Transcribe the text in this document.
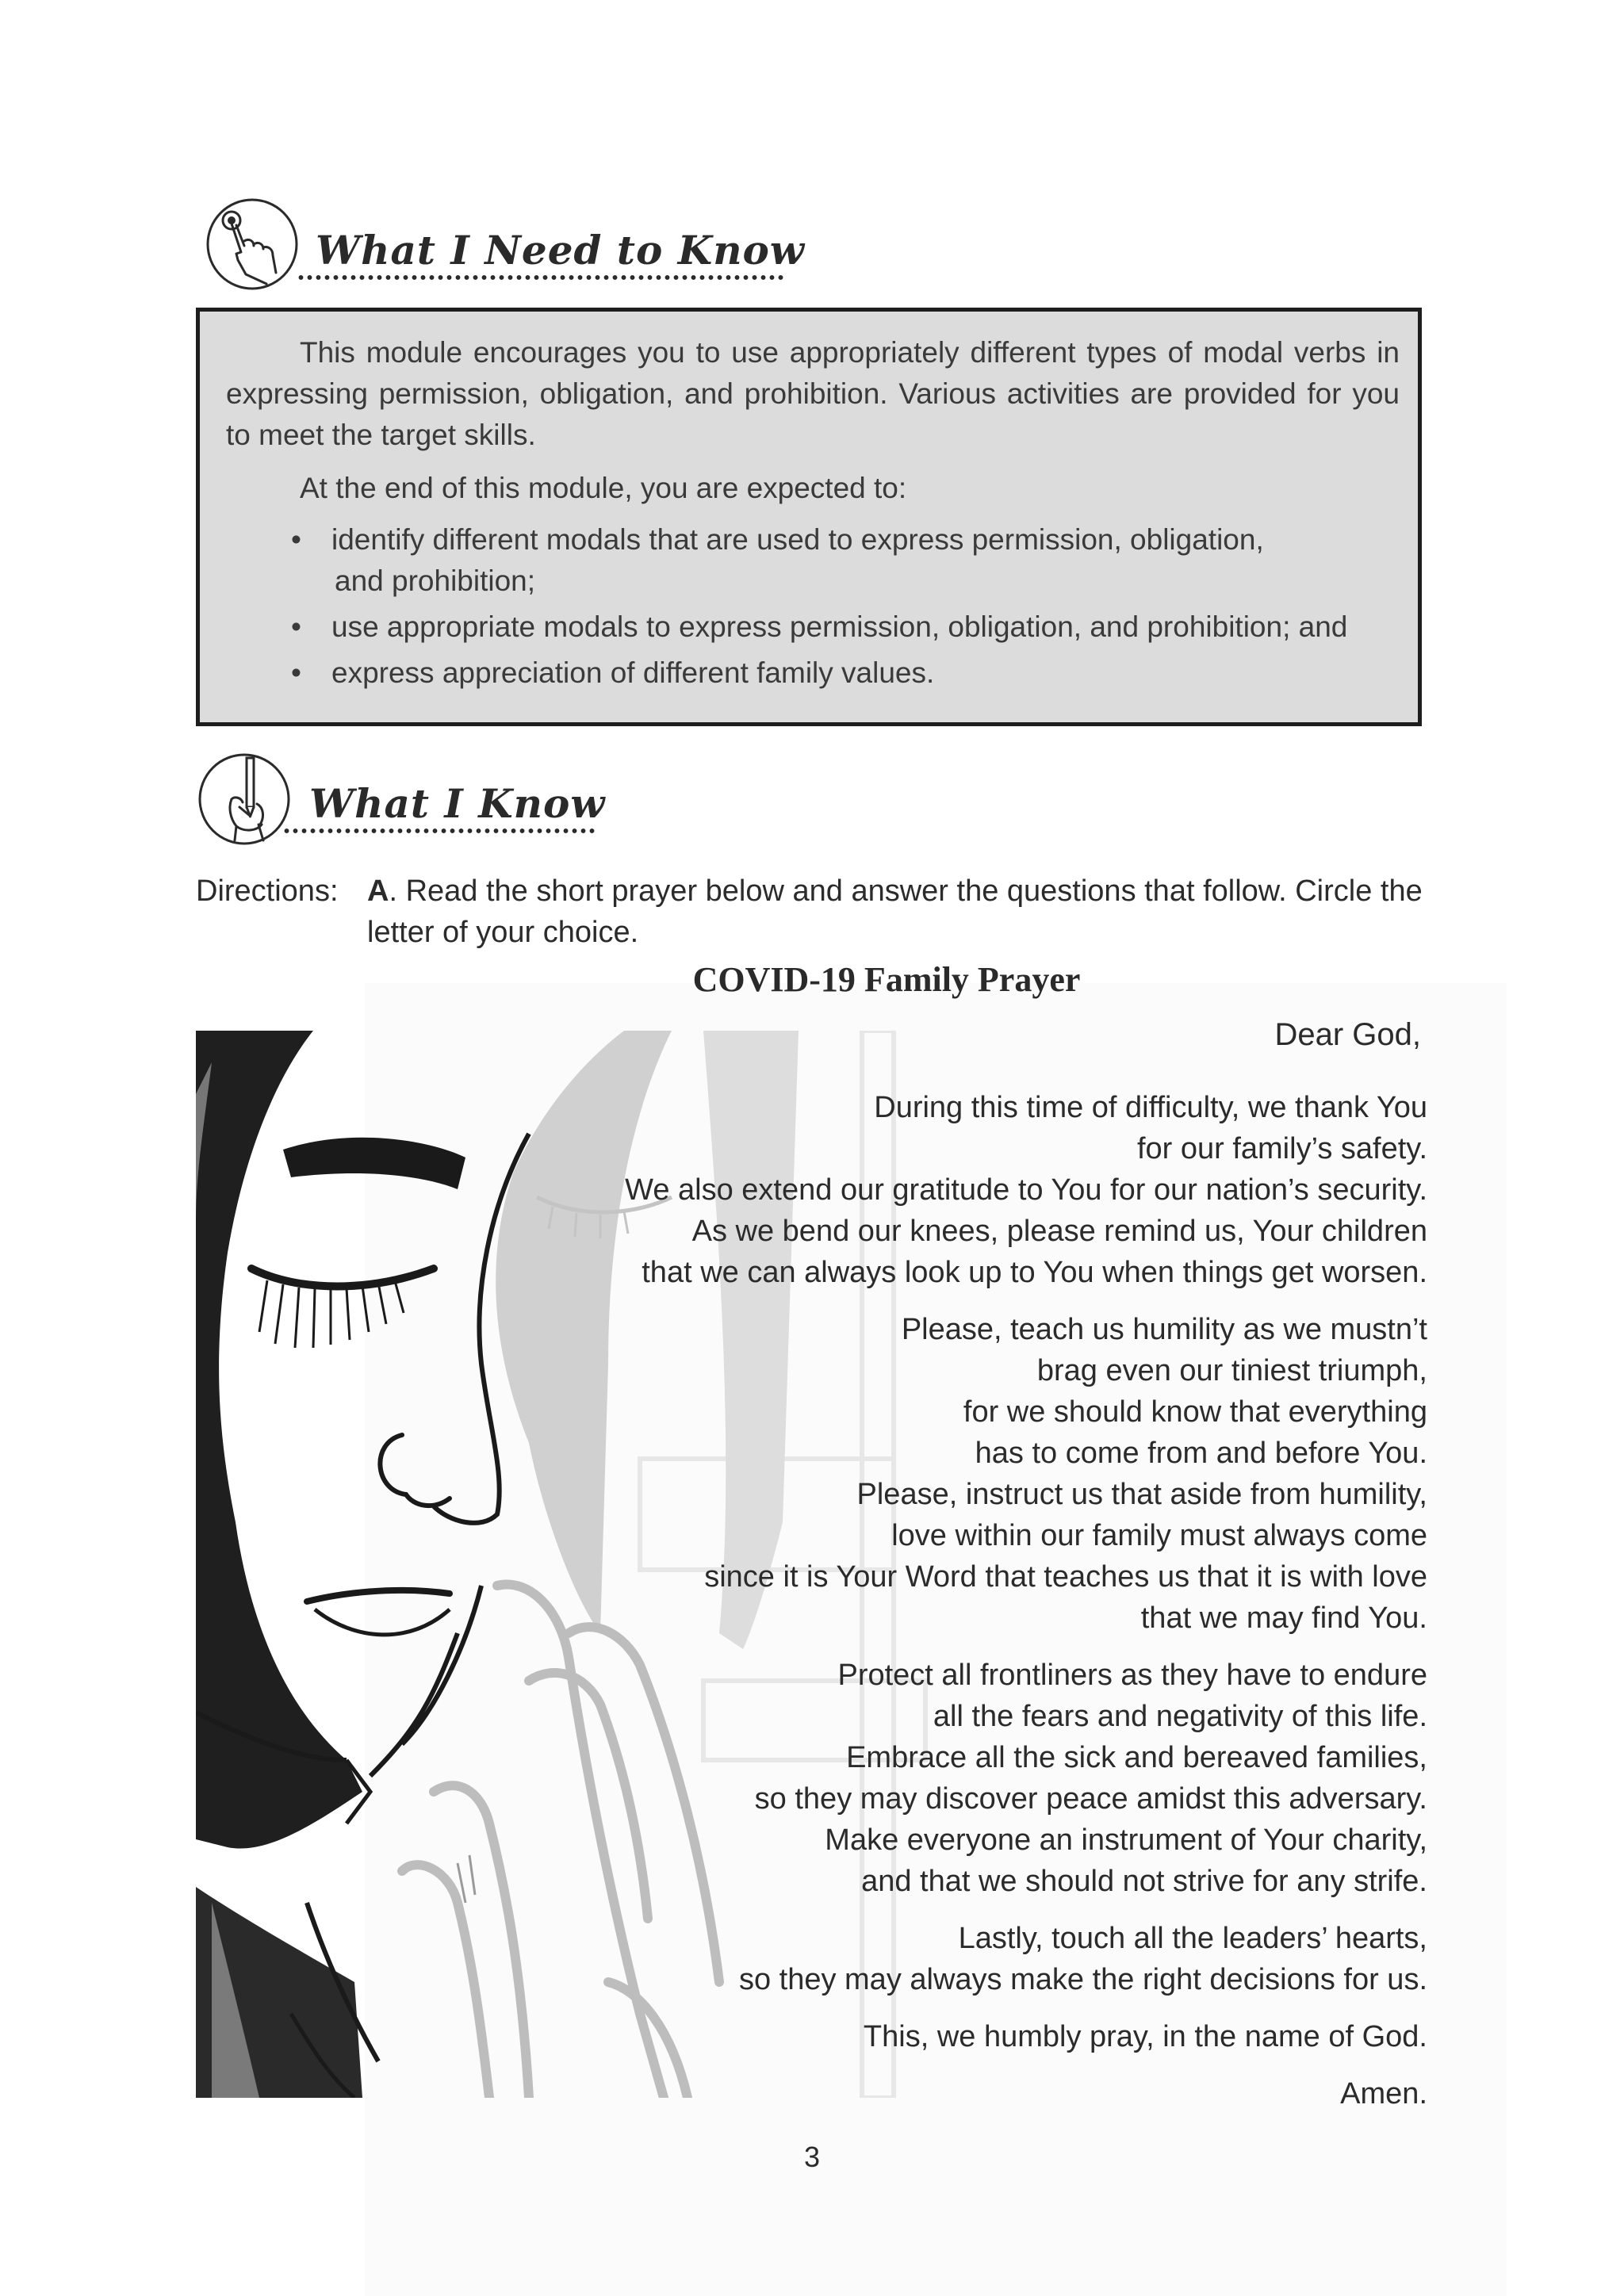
What I Need to Know

This module encourages you to use appropriately different types of modal verbs in expressing permission, obligation, and prohibition. Various activities are provided for you to meet the target skills.

At the end of this module, you are expected to:

• identify different modals that are used to express permission, obligation,
and prohibition;
• use appropriate modals to express permission, obligation, and prohibition; and
• express appreciation of different family values.
What I Know
Directions: A. Read the short prayer below and answer the questions that follow. Circle the letter of your choice.

COVID-19 Family Prayer

Dear God,

During this time of difficulty, we thank You
for our family’s safety.
We also extend our gratitude to You for our nation’s security.
As we bend our knees, please remind us, Your children
that we can always look up to You when things get worsen.

Please, teach us humility as we mustn’t
brag even our tiniest triumph,
for we should know that everything
has to come from and before You.
Please, instruct us that aside from humility,
love within our family must always come
since it is Your Word that teaches us that it is with love
that we may find You.

Protect all frontliners as they have to endure
all the fears and negativity of this life.
Embrace all the sick and bereaved families,
so they may discover peace amidst this adversary.
Make everyone an instrument of Your charity,
and that we should not strive for any strife.

Lastly, touch all the leaders’ hearts,
so they may always make the right decisions for us.

This, we humbly pray, in the name of God.

Amen.

3
